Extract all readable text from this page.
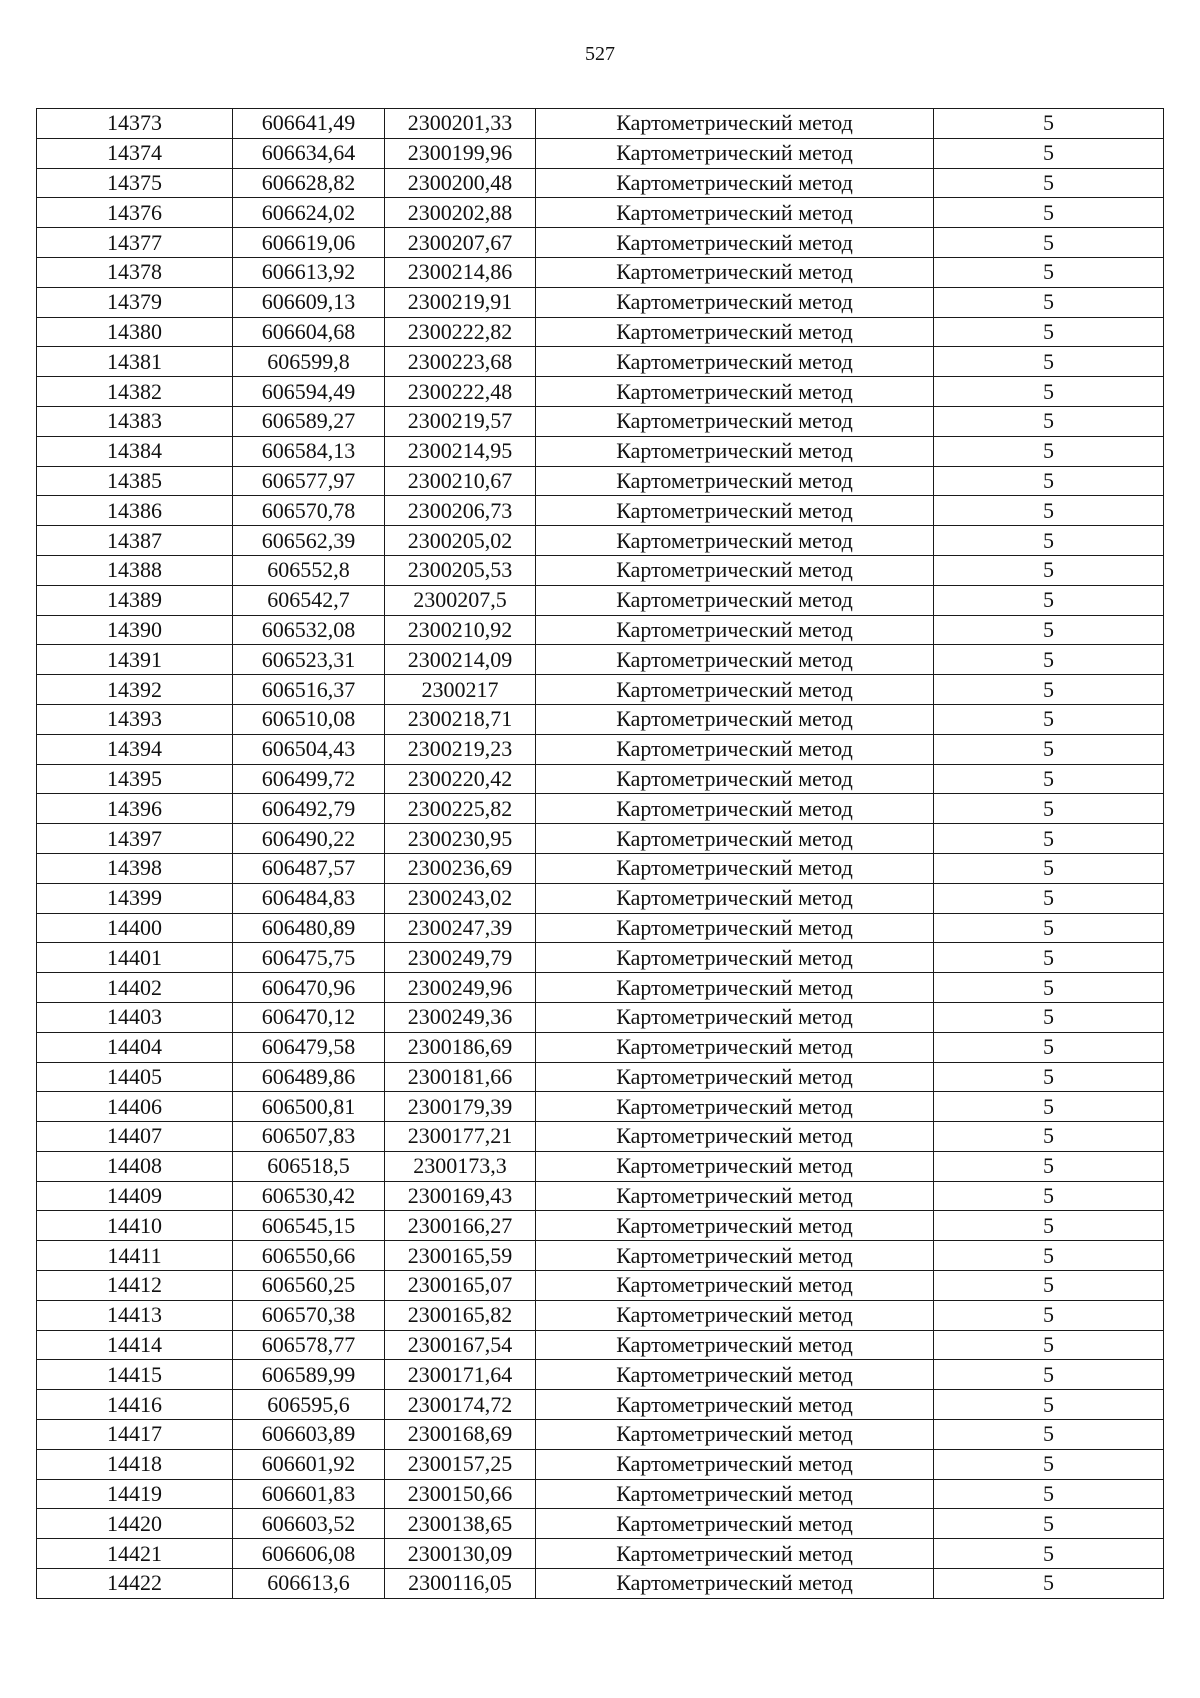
527
14373	606641,49	2300201,33	Картометрический метод	5
14374	606634,64	2300199,96	Картометрический метод	5
14375	606628,82	2300200,48	Картометрический метод	5
14376	606624,02	2300202,88	Картометрический метод	5
14377	606619,06	2300207,67	Картометрический метод	5
14378	606613,92	2300214,86	Картометрический метод	5
14379	606609,13	2300219,91	Картометрический метод	5
14380	606604,68	2300222,82	Картометрический метод	5
14381	606599,8	2300223,68	Картометрический метод	5
14382	606594,49	2300222,48	Картометрический метод	5
14383	606589,27	2300219,57	Картометрический метод	5
14384	606584,13	2300214,95	Картометрический метод	5
14385	606577,97	2300210,67	Картометрический метод	5
14386	606570,78	2300206,73	Картометрический метод	5
14387	606562,39	2300205,02	Картометрический метод	5
14388	606552,8	2300205,53	Картометрический метод	5
14389	606542,7	2300207,5	Картометрический метод	5
14390	606532,08	2300210,92	Картометрический метод	5
14391	606523,31	2300214,09	Картометрический метод	5
14392	606516,37	2300217	Картометрический метод	5
14393	606510,08	2300218,71	Картометрический метод	5
14394	606504,43	2300219,23	Картометрический метод	5
14395	606499,72	2300220,42	Картометрический метод	5
14396	606492,79	2300225,82	Картометрический метод	5
14397	606490,22	2300230,95	Картометрический метод	5
14398	606487,57	2300236,69	Картометрический метод	5
14399	606484,83	2300243,02	Картометрический метод	5
14400	606480,89	2300247,39	Картометрический метод	5
14401	606475,75	2300249,79	Картометрический метод	5
14402	606470,96	2300249,96	Картометрический метод	5
14403	606470,12	2300249,36	Картометрический метод	5
14404	606479,58	2300186,69	Картометрический метод	5
14405	606489,86	2300181,66	Картометрический метод	5
14406	606500,81	2300179,39	Картометрический метод	5
14407	606507,83	2300177,21	Картометрический метод	5
14408	606518,5	2300173,3	Картометрический метод	5
14409	606530,42	2300169,43	Картометрический метод	5
14410	606545,15	2300166,27	Картометрический метод	5
14411	606550,66	2300165,59	Картометрический метод	5
14412	606560,25	2300165,07	Картометрический метод	5
14413	606570,38	2300165,82	Картометрический метод	5
14414	606578,77	2300167,54	Картометрический метод	5
14415	606589,99	2300171,64	Картометрический метод	5
14416	606595,6	2300174,72	Картометрический метод	5
14417	606603,89	2300168,69	Картометрический метод	5
14418	606601,92	2300157,25	Картометрический метод	5
14419	606601,83	2300150,66	Картометрический метод	5
14420	606603,52	2300138,65	Картометрический метод	5
14421	606606,08	2300130,09	Картометрический метод	5
14422	606613,6	2300116,05	Картометрический метод	5
